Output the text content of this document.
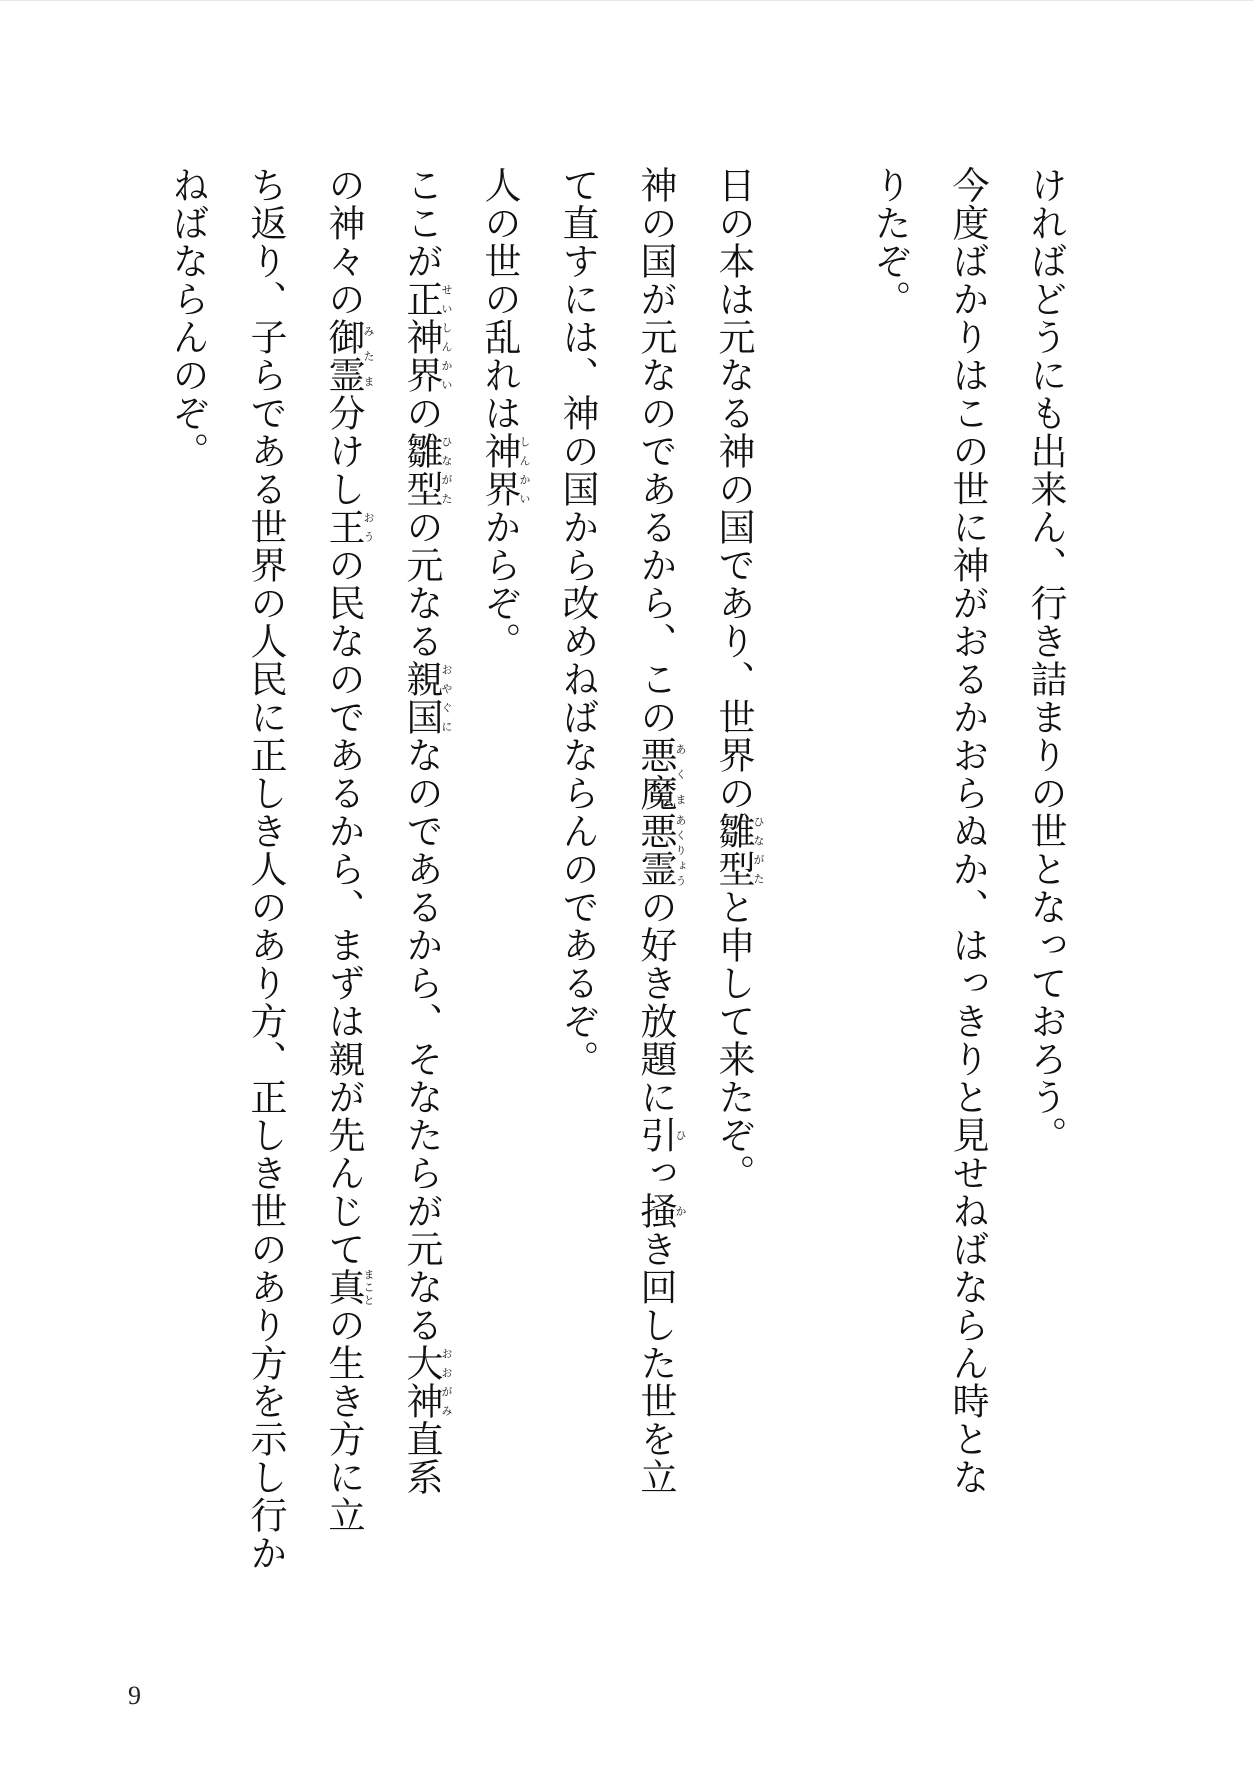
ければどうにも出来ん、行き詰まりの世となっておろう。
今度ばかりはこの世に神がおるかおらぬか、はっきりと見せねばならん時とな
りたぞ。
日の本は元なる神の国であり、世界の雛型ひながたと申して来たぞ。
神の国が元なのであるから、この悪魔あくま悪霊あくりょうの好き放題に引ひっ掻かき回した世を立
て直すには、神の国から改めねばならんのであるぞ。
人の世の乱れは神界しんかいからぞ。
ここが正神界せいしんかいの雛型ひながたの元なる親国おやぐになのであるから、そなたらが元なる大神おおがみ直系
の神々の御霊みたま分けし王おうの民なのであるから、まずは親が先んじて真まことの生き方に立
ち返り、子らである世界の人民に正しき人のあり方、正しき世のあり方を示し行か
ねばならんのぞ。
9
